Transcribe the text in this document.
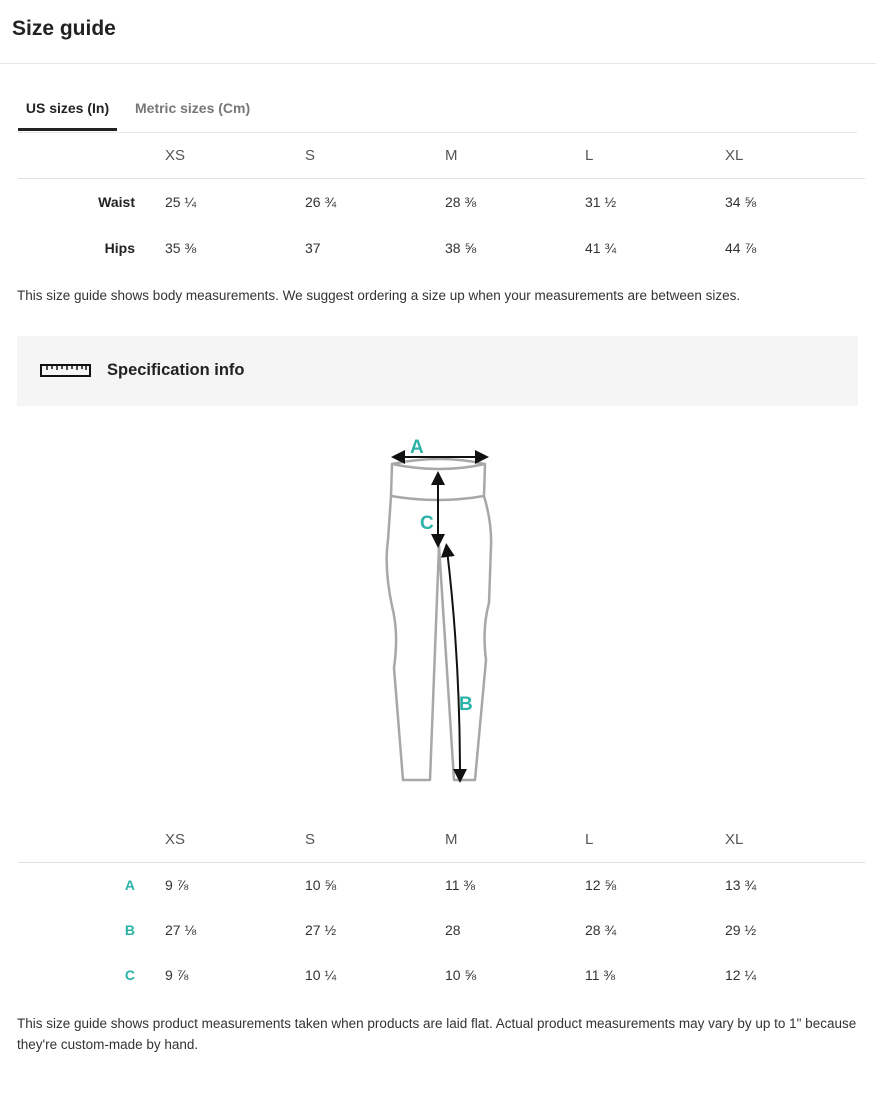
Size guide
US sizes (In)	Metric sizes (Cm)
	XS	S	M	L	XL
Waist	25 ¼	26 ¾	28 ⅜	31 ½	34 ⅝
Hips	35 ⅜	37	38 ⅝	41 ¾	44 ⅞

This size guide shows body measurements. We suggest ordering a size up when your measurements are between sizes.

Specification info
A
C
B
	XS	S	M	L	XL
A	9 ⅞	10 ⅝	11 ⅜	12 ⅝	13 ¾
B	27 ⅛	27 ½	28	28 ¾	29 ½
C	9 ⅞	10 ¼	10 ⅝	11 ⅜	12 ¼

This size guide shows product measurements taken when products are laid flat. Actual product measurements may vary by up to 1" because they're custom-made by hand.
